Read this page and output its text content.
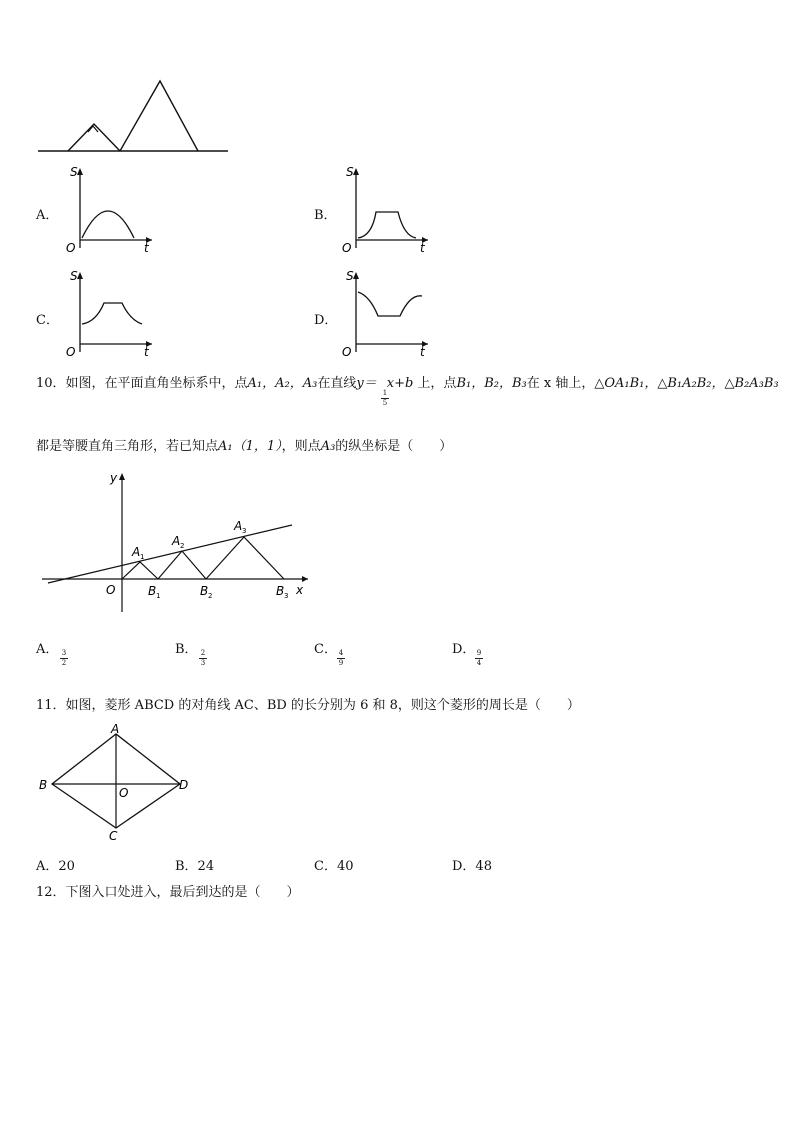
A．
S
t
O
B．
S
t
O
C．
S
t
O
D．
S
t
O
10．如图，在平面直角坐标系中，点A₁，A₂，A₃在直线y＝ x+b 上，点B₁，B₂，B₃在 x 轴上，△OA₁B₁，△B₁A₂B₂，△B₂A₃B₃
1
5
都是等腰直角三角形，若已知点A₁（1，1），则点A₃的纵坐标是（　　）
y
x
O
A 1
A 2
A 3
B 1	B 2	B 3
A． 3
2
B． 2
3
C． 4
9
D． 9
4
11．如图，菱形 ABCD 的对角线 AC、BD 的长分别为 6 和 8，则这个菱形的周长是（　　）
A
B
C
D
O
A．20	B．24	C．40	D．48
12．下图入口处进入，最后到达的是（　　）
